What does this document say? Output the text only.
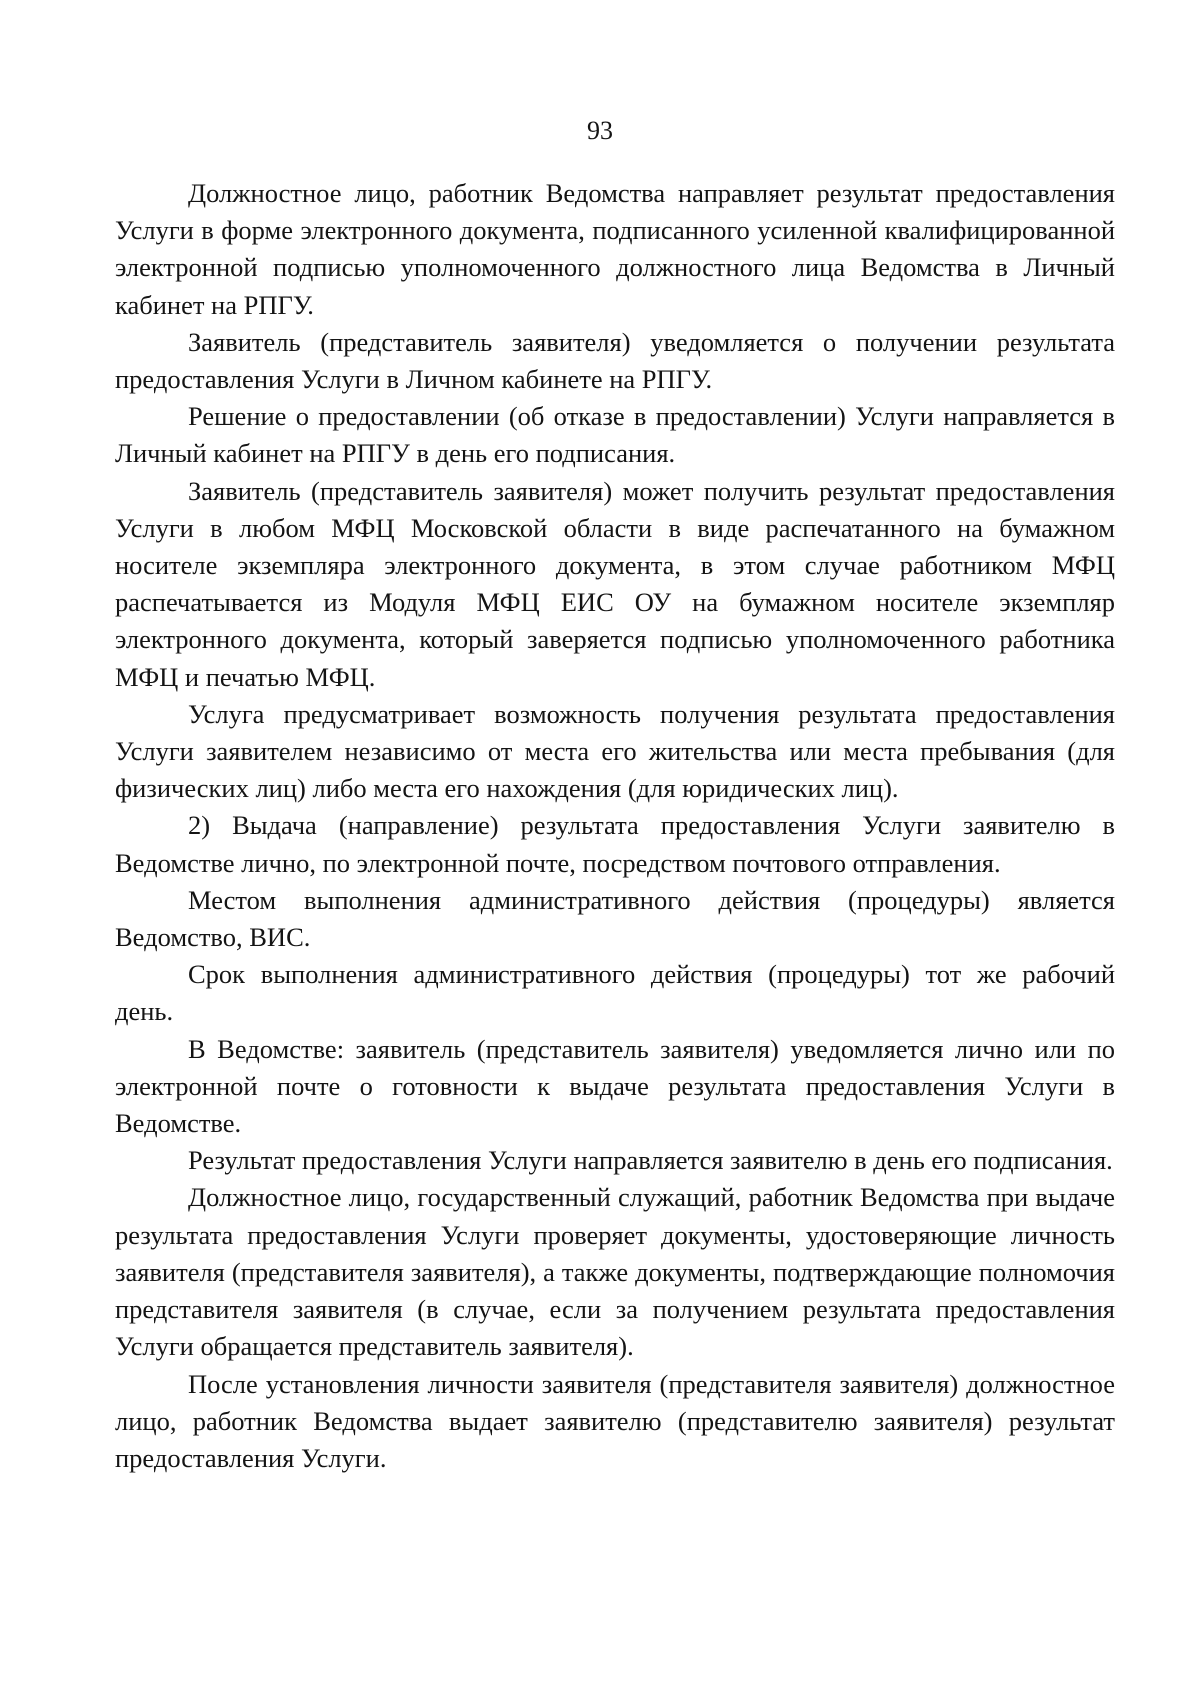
93

Должностное лицо, работник Ведомства направляет результат предоставления Услуги в форме электронного документа, подписанного усиленной квалифицированной электронной подписью уполномоченного должностного лица Ведомства в Личный кабинет на РПГУ.

Заявитель (представитель заявителя) уведомляется о получении результата предоставления Услуги в Личном кабинете на РПГУ.

Решение о предоставлении (об отказе в предоставлении) Услуги направляется в Личный кабинет на РПГУ в день его подписания.

Заявитель (представитель заявителя) может получить результат предоставления Услуги в любом МФЦ Московской области в виде распечатанного на бумажном носителе экземпляра электронного документа, в этом случае работником МФЦ распечатывается из Модуля МФЦ ЕИС ОУ на бумажном носителе экземпляр электронного документа, который заверяется подписью уполномоченного работника МФЦ и печатью МФЦ.

Услуга предусматривает возможность получения результата предоставления Услуги заявителем независимо от места его жительства или места пребывания (для физических лиц) либо места его нахождения (для юридических лиц).

2) Выдача (направление) результата предоставления Услуги заявителю в Ведомстве лично, по электронной почте, посредством почтового отправления.

Местом выполнения административного действия (процедуры) является Ведомство, ВИС.

Срок выполнения административного действия (процедуры) тот же рабочий день.

В Ведомстве: заявитель (представитель заявителя) уведомляется лично или по электронной почте о готовности к выдаче результата предоставления Услуги в Ведомстве.

Результат предоставления Услуги направляется заявителю в день его подписания.

Должностное лицо, государственный служащий, работник Ведомства при выдаче результата предоставления Услуги проверяет документы, удостоверяющие личность заявителя (представителя заявителя), а также документы, подтверждающие полномочия представителя заявителя (в случае, если за получением результата предоставления Услуги обращается представитель заявителя).

После установления личности заявителя (представителя заявителя) должностное лицо, работник Ведомства выдает заявителю (представителю заявителя) результат предоставления Услуги.
